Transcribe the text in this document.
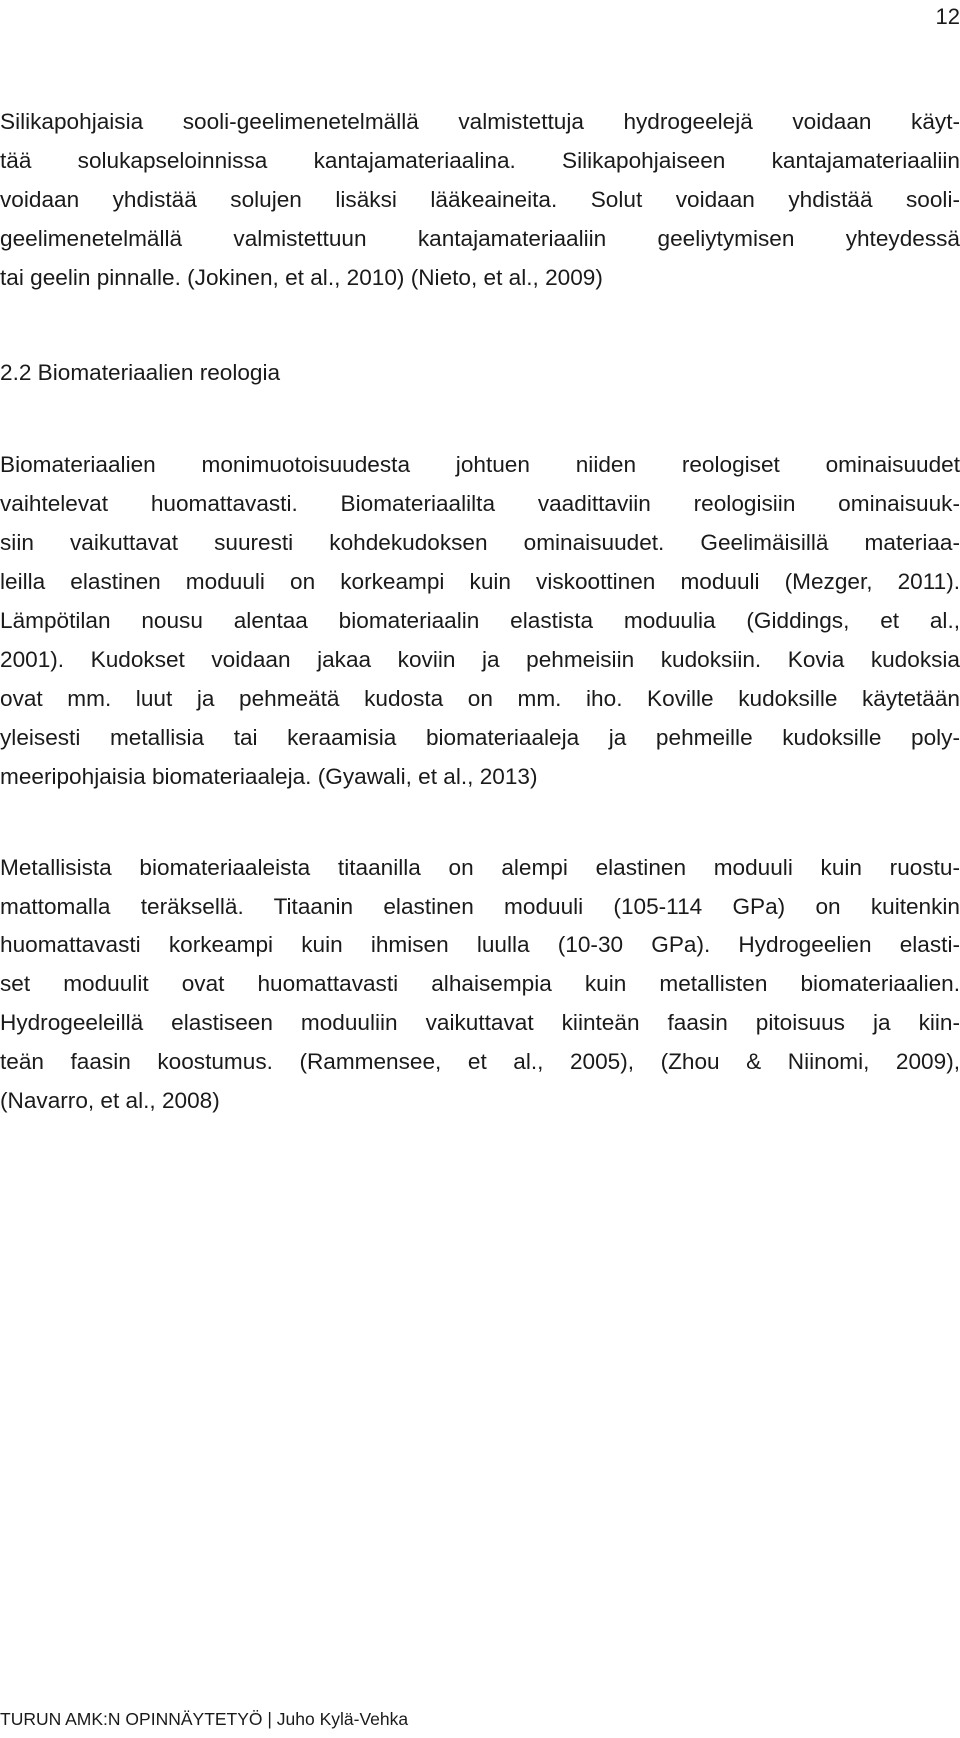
12

Silikapohjaisia sooli-geelimenetelmällä valmistettuja hydrogeelejä voidaan käyt-
tää solukapseloinnissa kantajamateriaalina. Silikapohjaiseen kantajamateriaaliin
voidaan yhdistää solujen lisäksi lääkeaineita. Solut voidaan yhdistää sooli-
geelimenetelmällä valmistettuun kantajamateriaaliin geeliytymisen yhteydessä
tai geelin pinnalle. (Jokinen, et al., 2010) (Nieto, et al., 2009)

2.2 Biomateriaalien reologia

Biomateriaalien monimuotoisuudesta johtuen niiden reologiset ominaisuudet
vaihtelevat huomattavasti. Biomateriaalilta vaadittaviin reologisiin ominaisuuk-
siin vaikuttavat suuresti kohdekudoksen ominaisuudet. Geelimäisillä materiaa-
leilla elastinen moduuli on korkeampi kuin viskoottinen moduuli (Mezger, 2011).
Lämpötilan nousu alentaa biomateriaalin elastista moduulia (Giddings, et al.,
2001). Kudokset voidaan jakaa koviin ja pehmeisiin kudoksiin. Kovia kudoksia
ovat mm. luut ja pehmeätä kudosta on mm. iho. Koville kudoksille käytetään
yleisesti metallisia tai keraamisia biomateriaaleja ja pehmeille kudoksille poly-
meeripohjaisia biomateriaaleja. (Gyawali, et al., 2013)

Metallisista biomateriaaleista titaanilla on alempi elastinen moduuli kuin ruostu-
mattomalla teräksellä. Titaanin elastinen moduuli (105-114 GPa) on kuitenkin
huomattavasti korkeampi kuin ihmisen luulla (10-30 GPa). Hydrogeelien elasti-
set moduulit ovat huomattavasti alhaisempia kuin metallisten biomateriaalien.
Hydrogeeleillä elastiseen moduuliin vaikuttavat kiinteän faasin pitoisuus ja kiin-
teän faasin koostumus. (Rammensee, et al., 2005), (Zhou & Niinomi, 2009),
(Navarro, et al., 2008)

TURUN AMK:N OPINNÄYTETYÖ | Juho Kylä-Vehka
